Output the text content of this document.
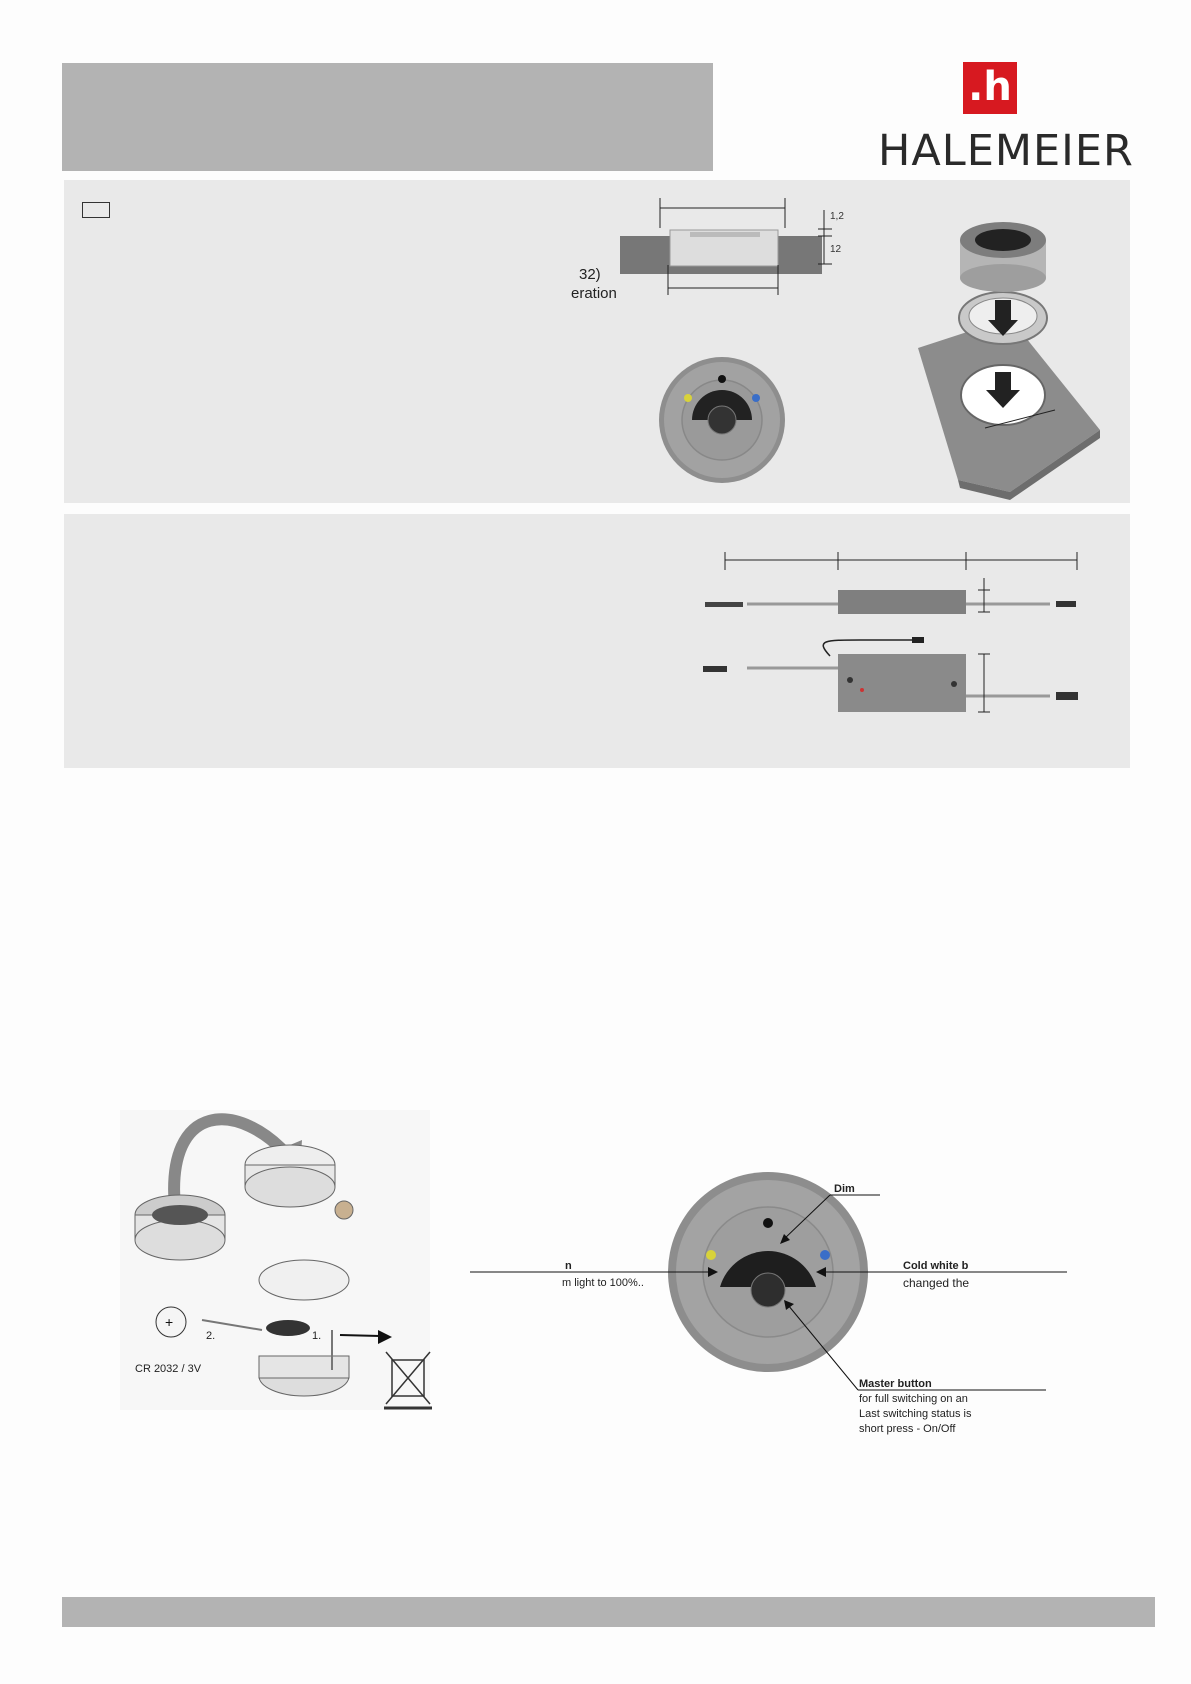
.h
HALEMEIER
32)
eration
1,2
12
+
CR 2032 / 3V
1.
2.
Dim
n
m light to 100%..
Cold white b
changed the
Master button
for full switching on an
Last switching status is
short press - On/Off
